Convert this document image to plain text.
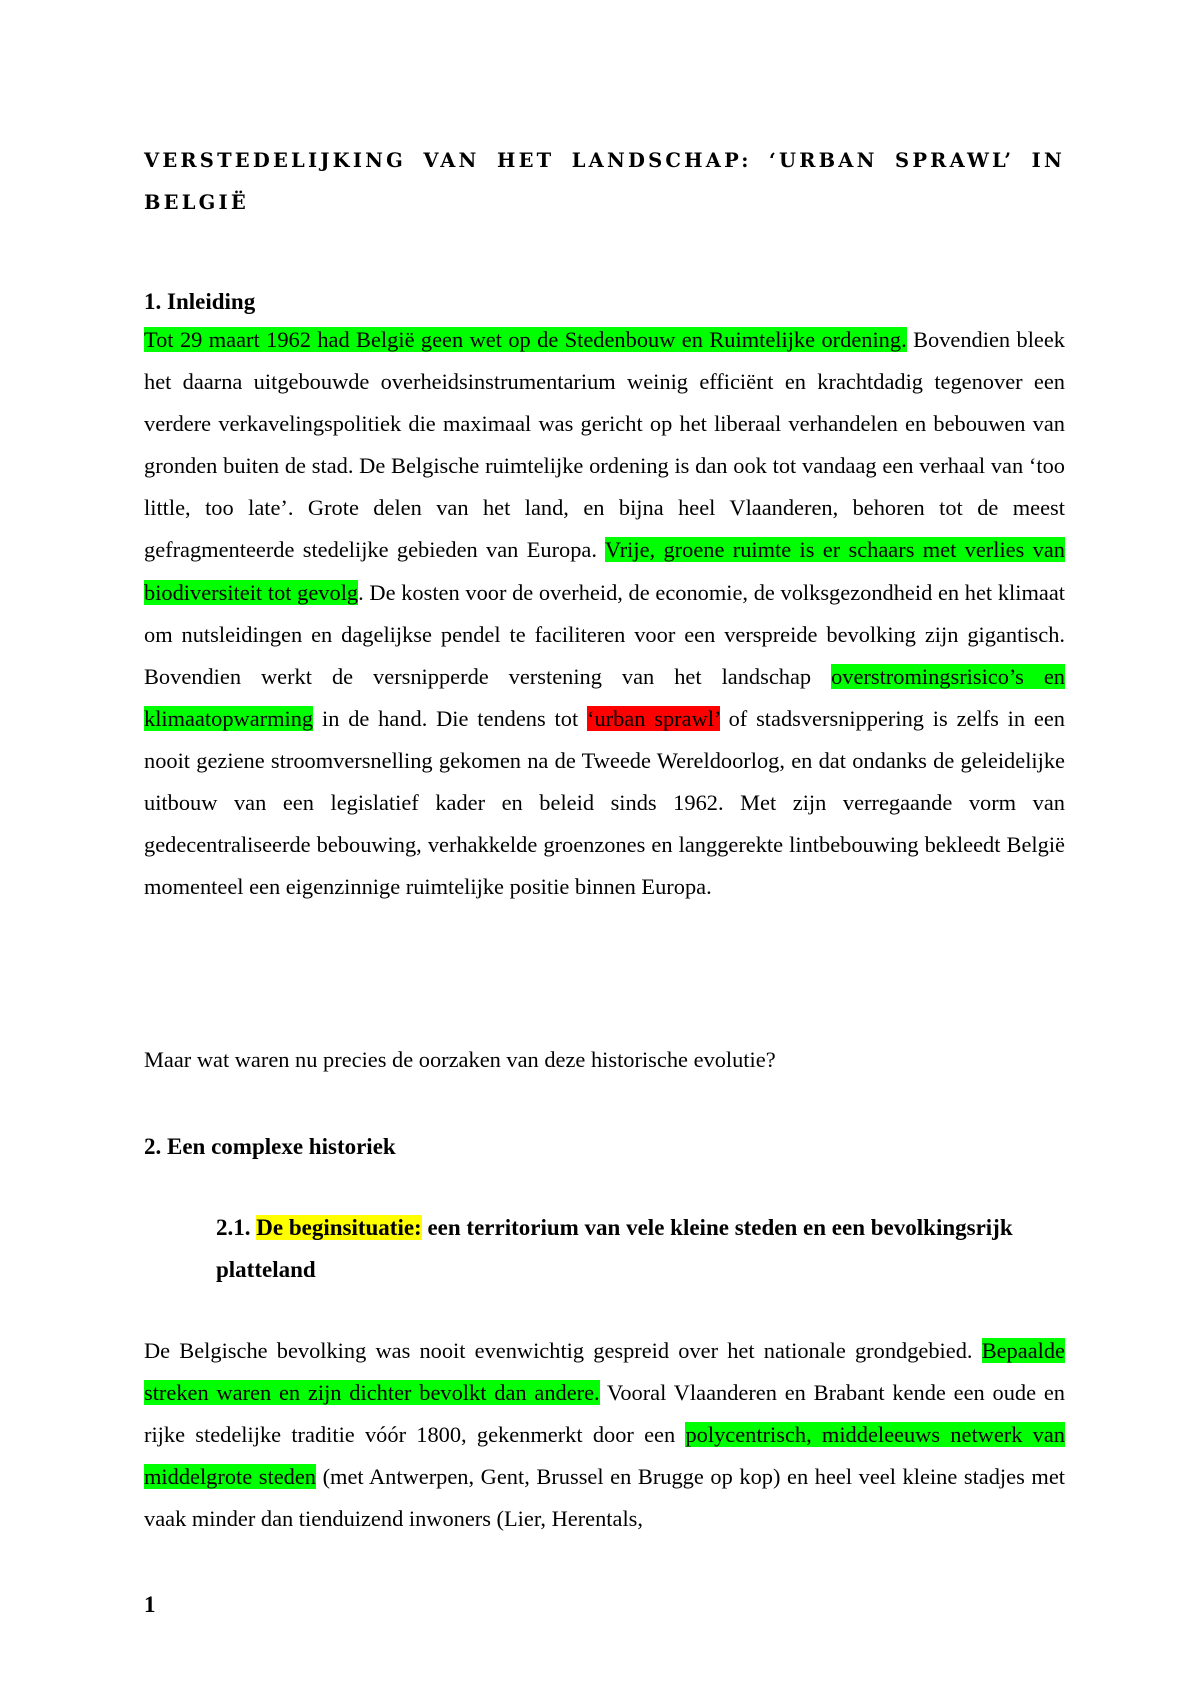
VERSTEDELIJKING VAN HET LANDSCHAP: ‘URBAN SPRAWL’ IN BELGIË
1. Inleiding

Tot 29 maart 1962 had België geen wet op de Stedenbouw en Ruimtelijke ordening. Bovendien bleek het daarna uitgebouwde overheidsinstrumentarium weinig efficiënt en krachtdadig tegenover een verdere verkavelingspolitiek die maximaal was gericht op het liberaal verhandelen en bebouwen van gronden buiten de stad. De Belgische ruimtelijke ordening is dan ook tot vandaag een verhaal van ‘too little, too late’. Grote delen van het land, en bijna heel Vlaanderen, behoren tot de meest gefragmenteerde stedelijke gebieden van Europa. Vrije, groene ruimte is er schaars met verlies van biodiversiteit tot gevolg. De kosten voor de overheid, de economie, de volksgezondheid en het klimaat om nutsleidingen en dagelijkse pendel te faciliteren voor een verspreide bevolking zijn gigantisch. Bovendien werkt de versnipperde verstening van het landschap overstromingsrisico’s en klimaatopwarming in de hand. Die tendens tot ‘urban sprawl’ of stadsversnippering is zelfs in een nooit geziene stroomversnelling gekomen na de Tweede Wereldoorlog, en dat ondanks de geleidelijke uitbouw van een legislatief kader en beleid sinds 1962. Met zijn verregaande vorm van gedecentraliseerde bebouwing, verhakkelde groenzones en langgerekte lintbebouwing bekleedt België momenteel een eigenzinnige ruimtelijke positie binnen Europa.

Maar wat waren nu precies de oorzaken van deze historische evolutie?

2. Een complexe historiek
2.1. De beginsituatie: een territorium van vele kleine steden en een bevolkingsrijk platteland

De Belgische bevolking was nooit evenwichtig gespreid over het nationale grondgebied. Bepaalde streken waren en zijn dichter bevolkt dan andere. Vooral Vlaanderen en Brabant kende een oude en rijke stedelijke traditie vóór 1800, gekenmerkt door een polycentrisch, middeleeuws netwerk van middelgrote steden (met Antwerpen, Gent, Brussel en Brugge op kop) en heel veel kleine stadjes met vaak minder dan tienduizend inwoners (Lier, Herentals,

1
